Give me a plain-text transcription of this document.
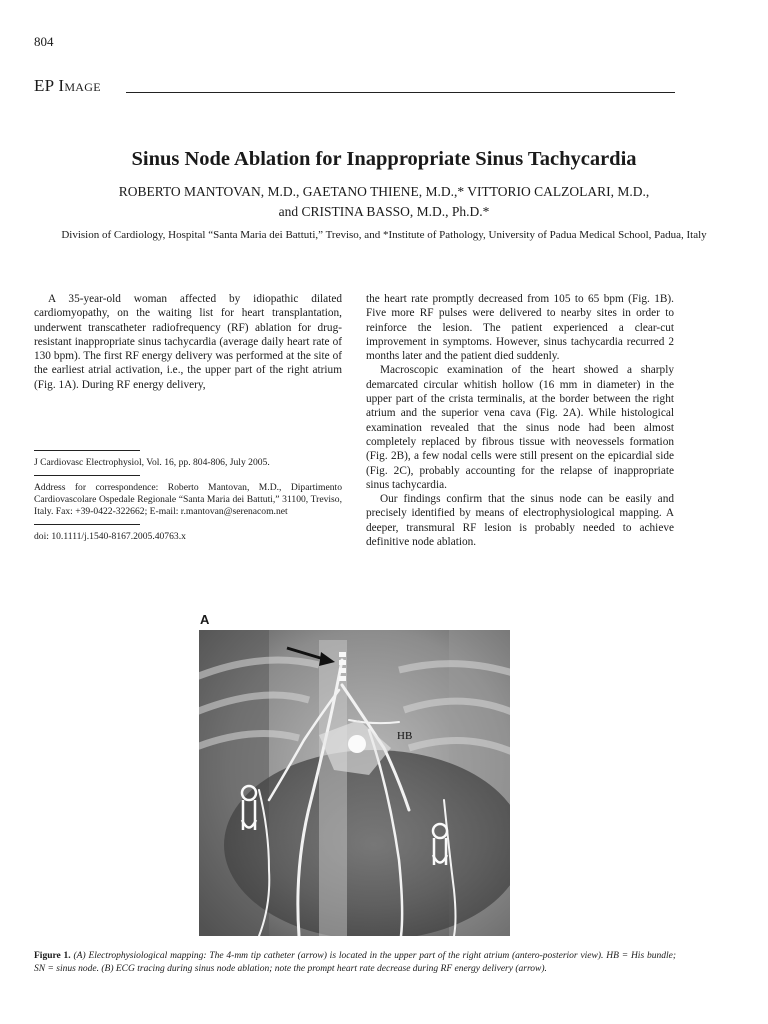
804
EP Image
Sinus Node Ablation for Inappropriate Sinus Tachycardia
ROBERTO MANTOVAN, M.D., GAETANO THIENE, M.D.,* VITTORIO CALZOLARI, M.D.,
and CRISTINA BASSO, M.D., Ph.D.*
Division of Cardiology, Hospital “Santa Maria dei Battuti,” Treviso, and *Institute of Pathology, University of Padua Medical School, Padua, Italy

A 35-year-old woman affected by idiopathic dilated cardiomyopathy, on the waiting list for heart transplantation, underwent transcatheter radiofrequency (RF) ablation for drug-resistant inappropriate sinus tachycardia (average daily heart rate of 130 bpm). The first RF energy delivery was performed at the site of the earliest atrial activation, i.e., the upper part of the right atrium (Fig. 1A). During RF energy delivery,

J Cardiovasc Electrophysiol, Vol. 16, pp. 804-806, July 2005.

Address for correspondence: Roberto Mantovan, M.D., Dipartimento Cardiovascolare Ospedale Regionale “Santa Maria dei Battuti,” 31100, Treviso, Italy. Fax: +39-0422-322662; E-mail: r.mantovan@serenacom.net

doi: 10.1111/j.1540-8167.2005.40763.x

the heart rate promptly decreased from 105 to 65 bpm (Fig. 1B). Five more RF pulses were delivered to nearby sites in order to reinforce the lesion. The patient experienced a clear-cut improvement in symptoms. However, sinus tachycardia recurred 2 months later and the patient died suddenly.

Macroscopic examination of the heart showed a sharply demarcated circular whitish hollow (16 mm in diameter) in the upper part of the crista terminalis, at the border between the right atrium and the superior vena cava (Fig. 2A). While histological examination revealed that the sinus node had been almost completely replaced by fibrous tissue with neovessels formation (Fig. 2B), a few nodal cells were still present on the epicardial side (Fig. 2C), probably accounting for the relapse of inappropriate sinus tachycardia.

Our findings confirm that the sinus node can be easily and precisely identified by means of electrophysiological mapping. A deeper, transmural RF lesion is probably needed to achieve definitive node ablation.

A
HB
Figure 1. (A) Electrophysiological mapping: The 4-mm tip catheter (arrow) is located in the upper part of the right atrium (antero-posterior view). HB = His bundle; SN = sinus node. (B) ECG tracing during sinus node ablation; note the prompt heart rate decrease during RF energy delivery (arrow).
